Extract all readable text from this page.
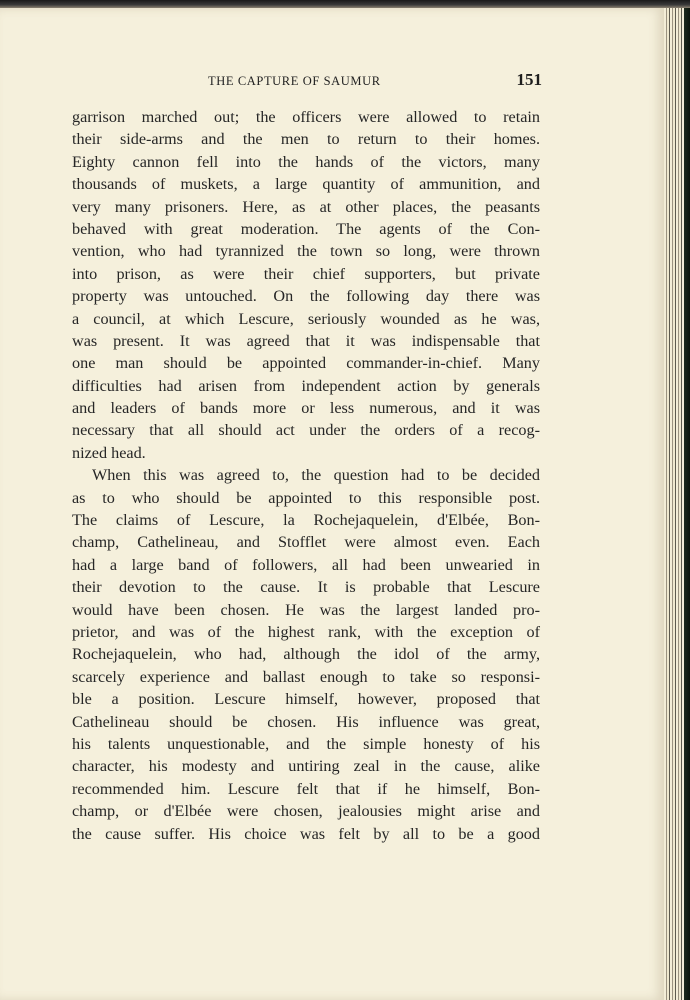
THE CAPTURE OF SAUMUR	151
garrison marched out; the officers were allowed to retain
their side-arms and the men to return to their homes.
Eighty cannon fell into the hands of the victors, many
thousands of muskets, a large quantity of ammunition, and
very many prisoners. Here, as at other places, the peasants
behaved with great moderation. The agents of the Con-
vention, who had tyrannized the town so long, were thrown
into prison, as were their chief supporters, but private
property was untouched. On the following day there was
a council, at which Lescure, seriously wounded as he was,
was present. It was agreed that it was indispensable that
one man should be appointed commander-in-chief. Many
difficulties had arisen from independent action by generals
and leaders of bands more or less numerous, and it was
necessary that all should act under the orders of a recog-
nized head.
When this was agreed to, the question had to be decided
as to who should be appointed to this responsible post.
The claims of Lescure, la Rochejaquelein, d'Elbée, Bon-
champ, Cathelineau, and Stofflet were almost even. Each
had a large band of followers, all had been unwearied in
their devotion to the cause. It is probable that Lescure
would have been chosen. He was the largest landed pro-
prietor, and was of the highest rank, with the exception of
Rochejaquelein, who had, although the idol of the army,
scarcely experience and ballast enough to take so responsi-
ble a position. Lescure himself, however, proposed that
Cathelineau should be chosen. His influence was great,
his talents unquestionable, and the simple honesty of his
character, his modesty and untiring zeal in the cause, alike
recommended him. Lescure felt that if he himself, Bon-
champ, or d'Elbée were chosen, jealousies might arise and
the cause suffer. His choice was felt by all to be a good
